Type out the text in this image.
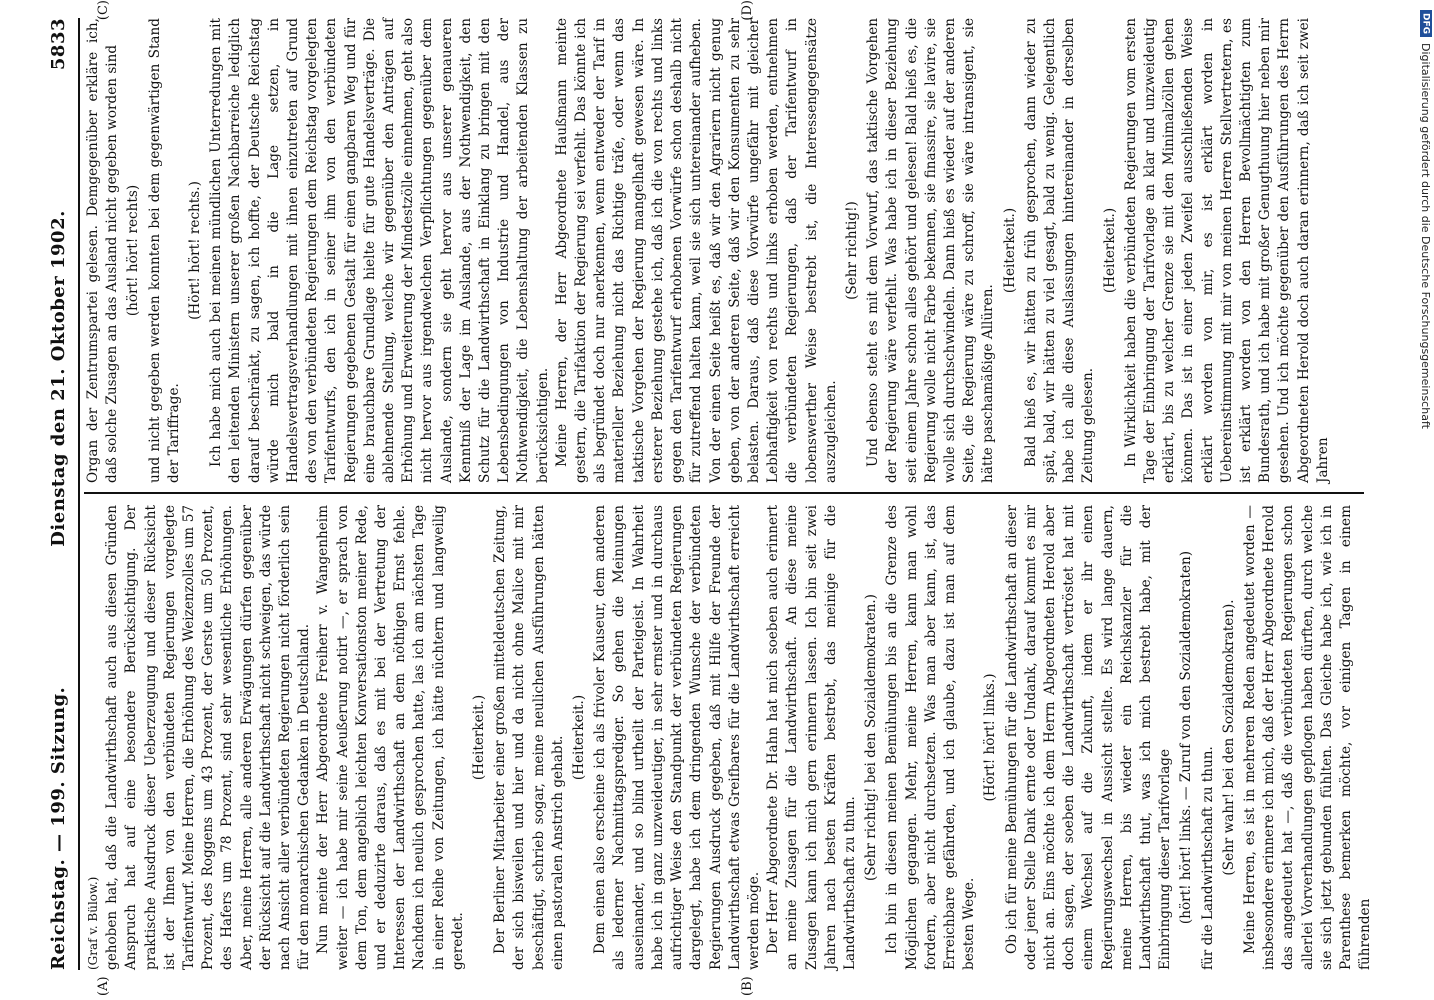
Reichstag. — 199. Sitzung.
Dienstag den 21. Oktober 1902.
5833
(Graf v. Bülow.) gehoben hat, daß die Landwirthschaft auch aus diesen Gründen Anspruch hat auf eine besondere Berücksichtigung. Der praktische Ausdruck dieser Ueberzeugung und dieser Rücksicht ist der Ihnen von den verbündeten Regierungen vorgelegte Tarifentwurf. Meine Herren, die Erhöhung des Weizenzolles um 57 Prozent, des Roggens um 43 Prozent, der Gerste um 50 Prozent, des Hafers um 78 Prozent, sind sehr wesentliche Erhöhungen. Aber, meine Herren, alle anderen Erwägungen dürfen gegenüber der Rücksicht auf die Landwirthschaft nicht schweigen, das würde nach Ansicht aller verbündeten Regierungen nicht förderlich sein für den monarchischen Gedanken in Deutschland. Nun meinte der Herr Abgeordnete Freiherr v. Wangenheim weiter — ich habe mir seine Aeußerung notirt —, er sprach von dem Ton, dem angeblich leichten Konversationston meiner Rede, und er deduzirte daraus, daß es mit bei der Vertretung der Interessen der Landwirthschaft an dem nöthigen Ernst fehle. Nachdem ich neulich gesprochen hatte, las ich am nächsten Tage in einer Reihe von Zeitungen, ich hätte nüchtern und langweilig geredet.

(Heiterkeit.) Der Berliner Mitarbeiter einer großen mitteldeutschen Zeitung, der sich bisweilen und hier und da nicht ohne Malice mit mir beschäftigt, schrieb sogar, meine neulichen Ausführungen hätten einen pastoralen Anstrich gehabt. (Heiterkeit.) Dem einen also erscheine ich als frivoler Kauseur, dem anderen als lederner Nachmittagsprediger. So gehen die Meinungen auseinander, und so blind urtheilt der Parteigeist. In Wahrheit habe ich in ganz unzweideutiger, in sehr ernster und in durchaus aufrichtiger Weise den Standpunkt der verbündeten Regierungen dargelegt, habe ich dem dringenden Wunsche der verbündeten Regierungen Ausdruck gegeben, daß mit Hilfe der Freunde der Landwirthschaft etwas Greifbares für die Landwirthschaft erreicht werden möge. Der Herr Abgeordnete Dr. Hahn hat mich soeben auch erinnert an meine Zusagen für die Landwirthschaft. An diese meine Zusagen kann ich mich gern erinnern lassen. Ich bin seit zwei Jahren nach besten Kräften bestrebt, das meinige für die Landwirthschaft zu thun.

(Sehr richtig! bei den Sozialdemokraten.) Ich bin in diesen meinen Bemühungen bis an die Grenze des Möglichen gegangen. Mehr, meine Herren, kann man wohl fordern, aber nicht durchsetzen. Was man aber kann, ist, das Erreichbare gefährden, und ich glaube, dazu ist man auf dem besten Wege.

(Hört! hört! links.) Ob ich für meine Bemühungen für die Landwirthschaft an dieser oder jener Stelle Dank ernte oder Undank, darauf kommt es mir nicht an. Eins möchte ich dem Herrn Abgeordneten Herold aber doch sagen, der soeben die Landwirthschaft vertröstet hat mit einem Wechsel auf die Zukunft, indem er ihr einen Regierungswechsel in Aussicht stellte. Es wird lange dauern, meine Herren, bis wieder ein Reichskanzler für die Landwirthschaft thut, was ich mich bestrebt habe, mit der Einbringung dieser Tarifvorlage (hört! hört! links. — Zuruf von den Sozialdemokraten) für die Landwirthschaft zu thun. (Sehr wahr! bei den Sozialdemokraten). Meine Herren, es ist in mehreren Reden angedeutet worden — insbesondere erinnere ich mich, daß der Herr Abgeordnete Herold das angedeutet hat —, daß die verbündeten Regierungen schon allerlei Vorverhandlungen gepflogen haben dürften, durch welche sie sich jetzt gebunden fühlten. Das Gleiche habe ich, wie ich in Parenthese bemerken möchte, vor einigen Tagen in einem führenden

Organ der Zentrumspartei gelesen. Demgegenüber erkläre ich, daß solche Zusagen an das Ausland nicht gegeben worden sind (hört! hört! rechts) und nicht gegeben werden konnten bei dem gegenwärtigen Stand der Tariffrage.

(Hört! hört! rechts.) Ich habe mich auch bei meinen mündlichen Unterredungen mit den leitenden Ministern unserer großen Nachbarreiche lediglich darauf beschränkt, zu sagen, ich hoffte, der Deutsche Reichstag würde mich bald in die Lage setzen, in Handelsvertragsverhandlungen mit ihnen einzutreten auf Grund des von den verbündeten Regierungen dem Reichstag vorgelegten Tarifentwurfs, den ich in seiner ihm von den verbündeten Regierungen gegebenen Gestalt für einen gangbaren Weg und für eine brauchbare Grundlage hielte für gute Handelsverträge. Die ablehnende Stellung, welche wir gegenüber den Anträgen auf Erhöhung und Erweiterung der Mindestzölle einnehmen, geht also nicht hervor aus irgendwelchen Verpflichtungen gegenüber dem Auslande, sondern sie geht hervor aus unserer genaueren Kenntniß der Lage im Auslande, aus der Nothwendigkeit, den Schutz für die Landwirthschaft in Einklang zu bringen mit den Lebensbedingungen von Industrie und Handel, aus der Nothwendigkeit, die Lebenshaltung der arbeitenden Klassen zu berücksichtigen. Meine Herren, der Herr Abgeordnete Haußmann meinte gestern, die Tarifaktion der Regierung sei verfehlt. Das könnte ich als begründet doch nur anerkennen, wenn entweder der Tarif in materieller Beziehung nicht das Richtige träfe, oder wenn das taktische Vorgehen der Regierung mangelhaft gewesen wäre. In ersterer Beziehung gestehe ich, daß ich die von rechts und links gegen den Tarifentwurf erhobenen Vorwürfe schon deshalb nicht für zutreffend halten kann, weil sie sich untereinander aufheben. Von der einen Seite heißt es, daß wir den Agrariern nicht genug geben, von der anderen Seite, daß wir den Konsumenten zu sehr belasten. Daraus, daß diese Vorwürfe ungefähr mit gleicher Lebhaftigkeit von rechts und links erhoben werden, entnehmen die verbündeten Regierungen, daß der Tarifentwurf in lobenswerther Weise bestrebt ist, die Interessengegensätze auszugleichen.

(Sehr richtig!) Und ebenso steht es mit dem Vorwurf, das taktische Vorgehen der Regierung wäre verfehlt. Was habe ich in dieser Beziehung seit einem Jahre schon alles gehört und gelesen! Bald hieß es, die Regierung wolle nicht Farbe bekennen, sie finassire, sie lavire, sie wolle sich durchschwindeln. Dann hieß es wieder auf der anderen Seite, die Regierung wäre zu schroff, sie wäre intransigent, sie hätte paschamäßige Allüren.

(Heiterkeit.) Bald hieß es, wir hätten zu früh gesprochen, dann wieder zu spät, bald, wir hätten zu viel gesagt, bald zu wenig. Gelegentlich habe ich alle diese Auslassungen hintereinander in derselben Zeitung gelesen.

(Heiterkeit.) In Wirklichkeit haben die verbündeten Regierungen vom ersten Tage der Einbringung der Tarifvorlage an klar und unzweideutig erklärt, bis zu welcher Grenze sie mit den Minimalzöllen gehen können. Das ist in einer jeden Zweifel ausschließenden Weise erklärt worden von mir, es ist erklärt worden in Uebereinstimmung mit mir von meinen Herren Stellvertretern, es ist erklärt worden von den Herren Bevollmächtigten zum Bundesrath, und ich habe mit großer Genugthuung hier neben mir gesehen. Und ich möchte gegenüber den Ausführungen des Herrn Abgeordneten Herold doch auch daran erinnern, daß ich seit zwei Jahren

(A)	(B)
(C)	(D)
DFG
Digitalisierung gefördert durch die Deutsche Forschungsgemeinschaft
